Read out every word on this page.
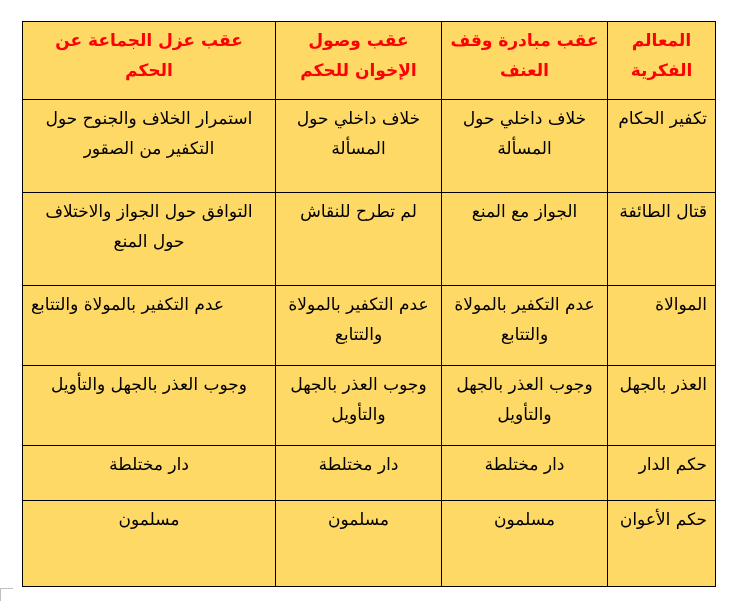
المعالم الفكرية	عقب مبادرة وقف العنف	عقب وصول الإخوان للحكم	عقب عزل الجماعة عن الحكم
تكفير الحكام	خلاف داخلي حول المسألة	خلاف داخلي حول المسألة	استمرار الخلاف والجنوح حول التكفير من الصقور
قتال الطائفة	الجواز مع المنع	لم تطرح للنقاش	التوافق حول الجواز والاختلاف حول المنع
الموالاة	عدم التكفير بالمولاة والتتابع	عدم التكفير بالمولاة والتتابع	عدم التكفير بالمولاة والتتابع
العذر بالجهل	وجوب العذر بالجهل والتأويل	وجوب العذر بالجهل والتأويل	وجوب العذر بالجهل والتأويل
حكم الدار	دار مختلطة	دار مختلطة	دار مختلطة
حكم الأعوان	مسلمون	مسلمون	مسلمون
